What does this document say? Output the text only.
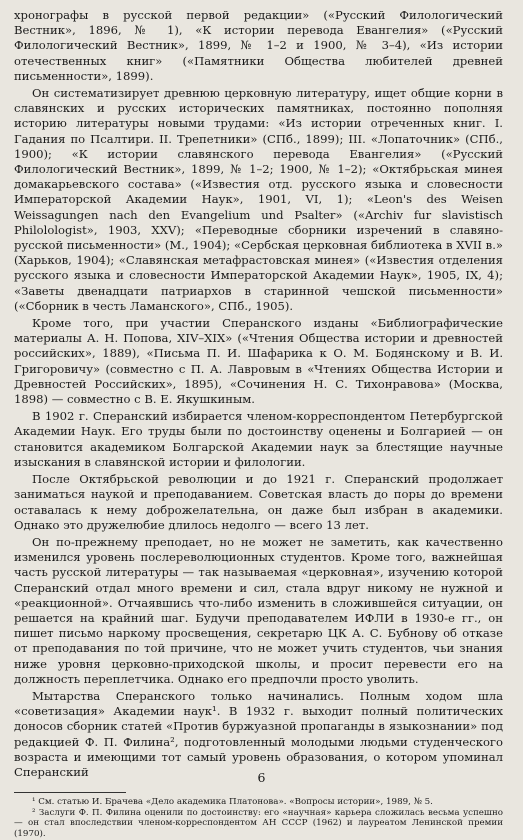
хронографы в русской первой редакции» («Русский Филологический Вестник», 1896, № 1), «К истории перевода Евангелия» («Русский Филологический Вестник», 1899, № 1–2 и 1900, № 3–4), «Из истории отечественных книг» («Памятники Общества любителей древней письменности», 1899).

Он систематизирует древнюю церковную литературу, ищет общие корни в славянских и русских исторических памятниках, постоянно пополняя историю литературы новыми трудами: «Из истории отреченных книг. I. Гадания по Псалтири. II. Трепетники» (СПб., 1899); III. «Лопаточник» (СПб., 1900); «К истории славянского перевода Евангелия» («Русский Филологический Вестник», 1899, № 1–2; 1900, № 1–2); «Октябрьская минея домакарьевского состава» («Известия отд. русского языка и словесности Императорской Академии Наук», 1901, VI, 1); «Leon's des Weisen Weissagungen nach den Evangelium und Psalter» («Archiv fur slavistisch Philolologist», 1903, XXV); «Переводные сборники изречений в славяно-русской письменности» (М., 1904); «Сербская церковная библиотека в XVII в.» (Харьков, 1904); «Славянская метафрастовская минея» («Известия отделения русского языка и словесности Императорской Академии Наук», 1905, IX, 4); «Заветы двенадцати патриархов в старинной чешской письменности» («Сборник в честь Ламанского», СПб., 1905).

Кроме того, при участии Сперанского изданы «Библиографические материалы А. Н. Попова, XIV–XIX» («Чтения Общества истории и древностей российских», 1889), «Письма П. И. Шафарика к О. М. Бодянскому и В. И. Григоровичу» (совместно с П. А. Лавровым в «Чтениях Общества Истории и Древностей Российских», 1895), «Сочинения Н. С. Тихонравова» (Москва, 1898) — совместно с В. Е. Якушкиным.

В 1902 г. Сперанский избирается членом-корреспондентом Петербургской Академии Наук. Его труды были по достоинству оценены и Болгарией — он становится академиком Болгарской Академии наук за блестящие научные изыскания в славянской истории и филологии.

После Октябрьской революции и до 1921 г. Сперанский продолжает заниматься наукой и преподаванием. Советская власть до поры до времени оставалась к нему доброжелательна, он даже был избран в академики. Однако это дружелюбие длилось недолго — всего 13 лет.

Он по-прежнему преподает, но не может не заметить, как качественно изменился уровень послереволюционных студентов. Кроме того, важнейшая часть русской литературы — так называемая «церковная», изучению которой Сперанский отдал много времени и сил, стала вдруг никому не нужной и «реакционной». Отчаявшись что-либо изменить в сложившейся ситуации, он решается на крайний шаг. Будучи преподавателем ИФЛИ в 1930-е гг., он пишет письмо наркому просвещения, секретарю ЦК А. С. Бубнову об отказе от преподавания по той причине, что не может учить студентов, чьи знания ниже уровня церковно-приходской школы, и просит перевести его на должность переплетчика. Однако его предпочли просто уволить.

Мытарства Сперанского только начинались. Полным ходом шла «советизация» Академии наук¹. В 1932 г. выходит полный политических доносов сборник статей «Против буржуазной пропаганды в языкознании» под редакцией Ф. П. Филина², подготовленный молодыми людьми студенческого возраста и имеющими тот самый уровень образования, о котором упоминал Сперанский

¹ См. статью И. Брачева «Дело академика Платонова». «Вопросы истории», 1989, № 5.

² Заслуги Ф. П. Филина оценили по достоинству: его «научная» карьера сложилась весьма успешно — он стал впоследствии членом-корреспондентом АН СССР (1962) и лауреатом Ленинской премии (1970).

6
